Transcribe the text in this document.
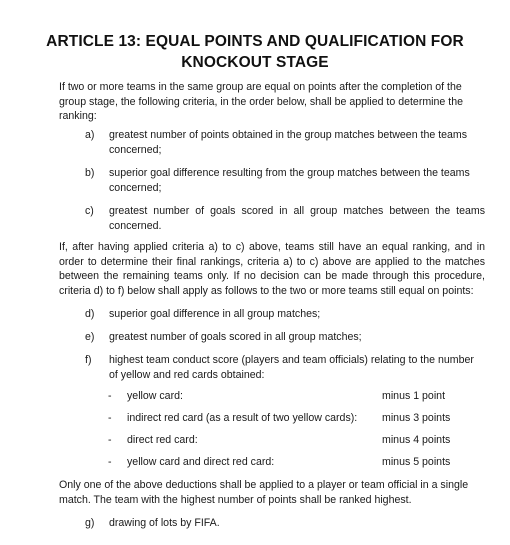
ARTICLE 13: EQUAL POINTS AND QUALIFICATION FOR
KNOCKOUT STAGE
If two or more teams in the same group are equal on points after the completion of the group stage, the following criteria, in the order below, shall be applied to determine the ranking:
a) greatest number of points obtained in the group matches between the teams concerned;
b) superior goal difference resulting from the group matches between the teams concerned;
c) greatest number of goals scored in all group matches between the teams concerned.
If, after having applied criteria a) to c) above, teams still have an equal ranking, and in order to determine their final rankings, criteria a) to c) above are applied to the matches between the remaining teams only. If no decision can be made through this procedure, criteria d) to f) below shall apply as follows to the two or more teams still equal on points:
d) superior goal difference in all group matches;
e) greatest number of goals scored in all group matches;
f) highest team conduct score (players and team officials) relating to the number of yellow and red cards obtained:
- yellow card:	minus 1 point
- indirect red card (as a result of two yellow cards): minus 3 points
- direct red card:	minus 4 points
- yellow card and direct red card:	minus 5 points
Only one of the above deductions shall be applied to a player or team official in a single match. The team with the highest number of points shall be ranked highest.
g) drawing of lots by FIFA.
